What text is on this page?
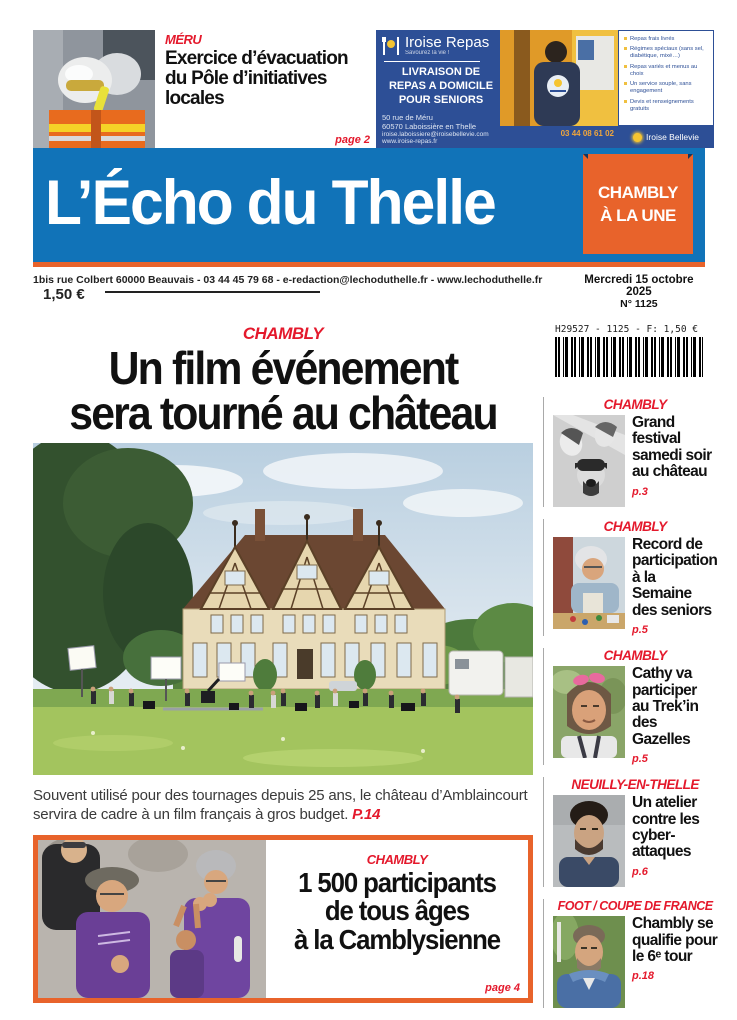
MÉRU
Exercice d’évacuation du Pôle d’initiatives locales
page 2
Iroise Repas
Savourez la vie !
LIVRAISON DE REPAS A DOMICILE POUR SENIORS
50 rue de Méru
60570 Laboissière en Thelle
iroise.laboissiere@iroisebellevie.com
www.iroise-repas.fr
03 44 08 61 02
Repas frais livrés
Régimes spéciaux (sans sel, diabétique, mixé…)
Repas variés et menus au choix
Un service souple, sans engagement
Devis et renseignements gratuits
Iroise Bellevie
L’Écho du Thelle	CHAMBLY
À LA UNE
1bis rue Colbert 60000 Beauvais - 03 44 45 79 68 - e-redaction@lechoduthelle.fr - www.lechoduthelle.fr 1,50 €
Mercredi 15 octobre 2025
N° 1125
CHAMBLY
Un film événement
sera tourné au château
Souvent utilisé pour des tournages depuis 25 ans, le château d’Amblaincourt servira de cadre à un film français à gros budget. P.14
CHAMBLY
1 500 participants
de tous âges
à la Camblysienne
page 4
H29527 - 1125 - F: 1,50 €
CHAMBLY
Grand festival samedi soir au château
p.3
CHAMBLY
Record de participation à la Semaine des seniors
p.5
CHAMBLY
Cathy va participer au Trek’in des Gazelles
p.5
NEUILLY-EN-THELLE
Un atelier contre les cyber-attaques
p.6
FOOT / COUPE DE FRANCE
Chambly se qualifie pour le 6ᵉ tour
p.18
